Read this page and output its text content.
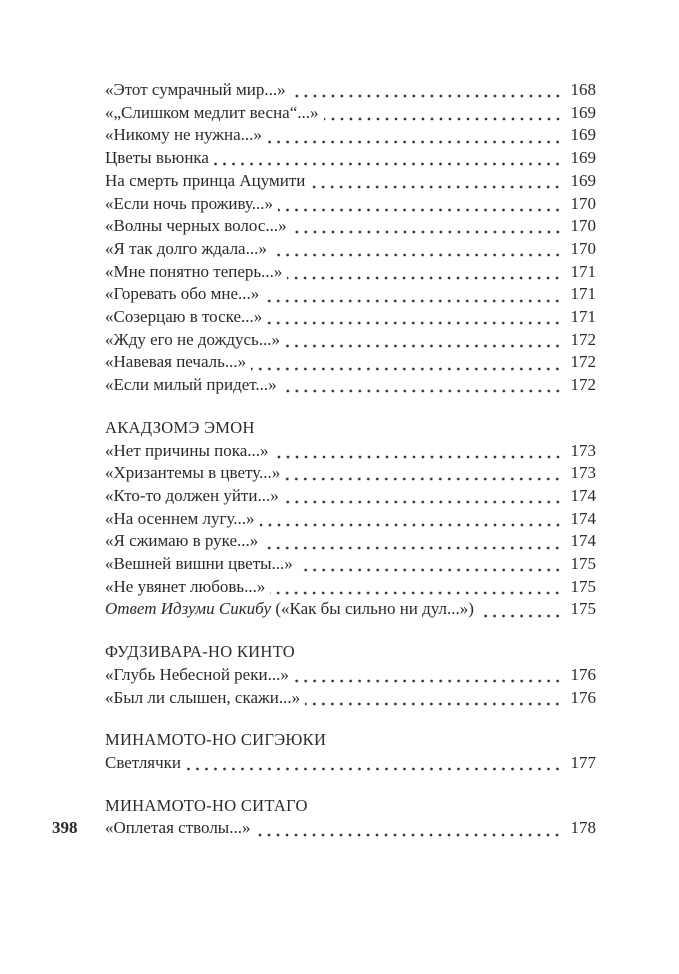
«Этот сумрачный мир...»	168
«„Слишком медлит весна“...»	169
«Никому не нужна...»	169
Цветы вьюнка	169
На смерть принца Ацумити	169
«Если ночь проживу...»	170
«Волны черных волос...»	170
«Я так долго ждала...»	170
«Мне понятно теперь...»	171
«Горевать обо мне...»	171
«Созерцаю в тоске...»	171
«Жду его не дождусь...»	172
«Навевая печаль...»	172
«Если милый придет...»	172
АКАДЗОМЭ ЭМОН
«Нет причины пока...»	173
«Хризантемы в цвету...»	173
«Кто-то должен уйти...»	174
«На осеннем лугу...»	174
«Я сжимаю в руке...»	174
«Вешней вишни цветы...»	175
«Не увянет любовь...»	175
Ответ Идзуми Сикибу («Как бы сильно ни дул...»)	175
ФУДЗИВАРА-НО КИНТО
«Глубь Небесной реки...»	176
«Был ли слышен, скажи...»	176
МИНАМОТО-НО СИГЭЮКИ
Светлячки	177
МИНАМОТО-НО СИТАГО
«Оплетая стволы...»	178
398
